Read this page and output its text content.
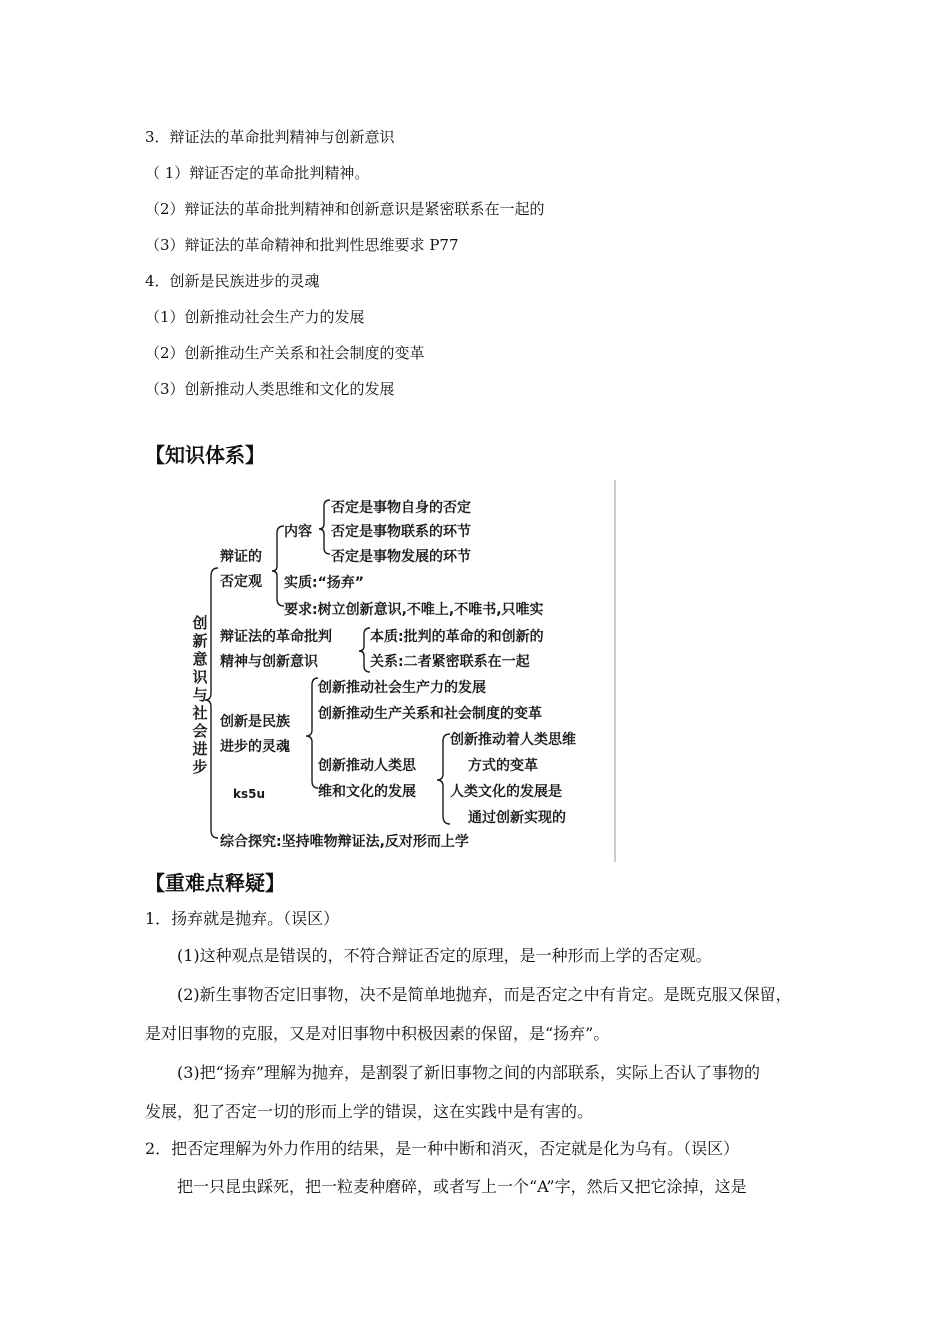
3．辩证法的革命批判精神与创新意识
（ 1）辩证否定的革命批判精神。
（2）辩证法的革命批判精神和创新意识是紧密联系在一起的
（3）辩证法的革命精神和批判性思维要求 P77
4．创新是民族进步的灵魂
（1）创新推动社会生产力的发展
（2）创新推动生产关系和社会制度的变革
（3）创新推动人类思维和文化的发展
【知识体系】
创
新
意
识
与
社
会
进
步
辩证的
否定观
内容
否定是事物自身的否定
否定是事物联系的环节
否定是事物发展的环节
实质:“扬弃”
要求:树立创新意识,不唯上,不唯书,只唯实
辩证法的革命批判
精神与创新意识
本质:批判的革命的和创新的
关系:二者紧密联系在一起
创新是民族
进步的灵魂
创新推动社会生产力的发展
创新推动生产关系和社会制度的变革
创新推动人类思
维和文化的发展
创新推动着人类思维
方式的变革
人类文化的发展是
通过创新实现的
ks5u
综合探究:坚持唯物辩证法,反对形而上学
【重难点释疑】
1．扬弃就是抛弃。（误区）
(1)这种观点是错误的，不符合辩证否定的原理，是一种形而上学的否定观。
(2)新生事物否定旧事物，决不是简单地抛弃，而是否定之中有肯定。是既克服又保留，
是对旧事物的克服，又是对旧事物中积极因素的保留，是“扬弃”。
(3)把“扬弃”理解为抛弃，是割裂了新旧事物之间的内部联系，实际上否认了事物的
发展，犯了否定一切的形而上学的错误，这在实践中是有害的。
2．把否定理解为外力作用的结果，是一种中断和消灭，否定就是化为乌有。（误区）
把一只昆虫踩死，把一粒麦种磨碎，或者写上一个“A”字，然后又把它涂掉，这是
